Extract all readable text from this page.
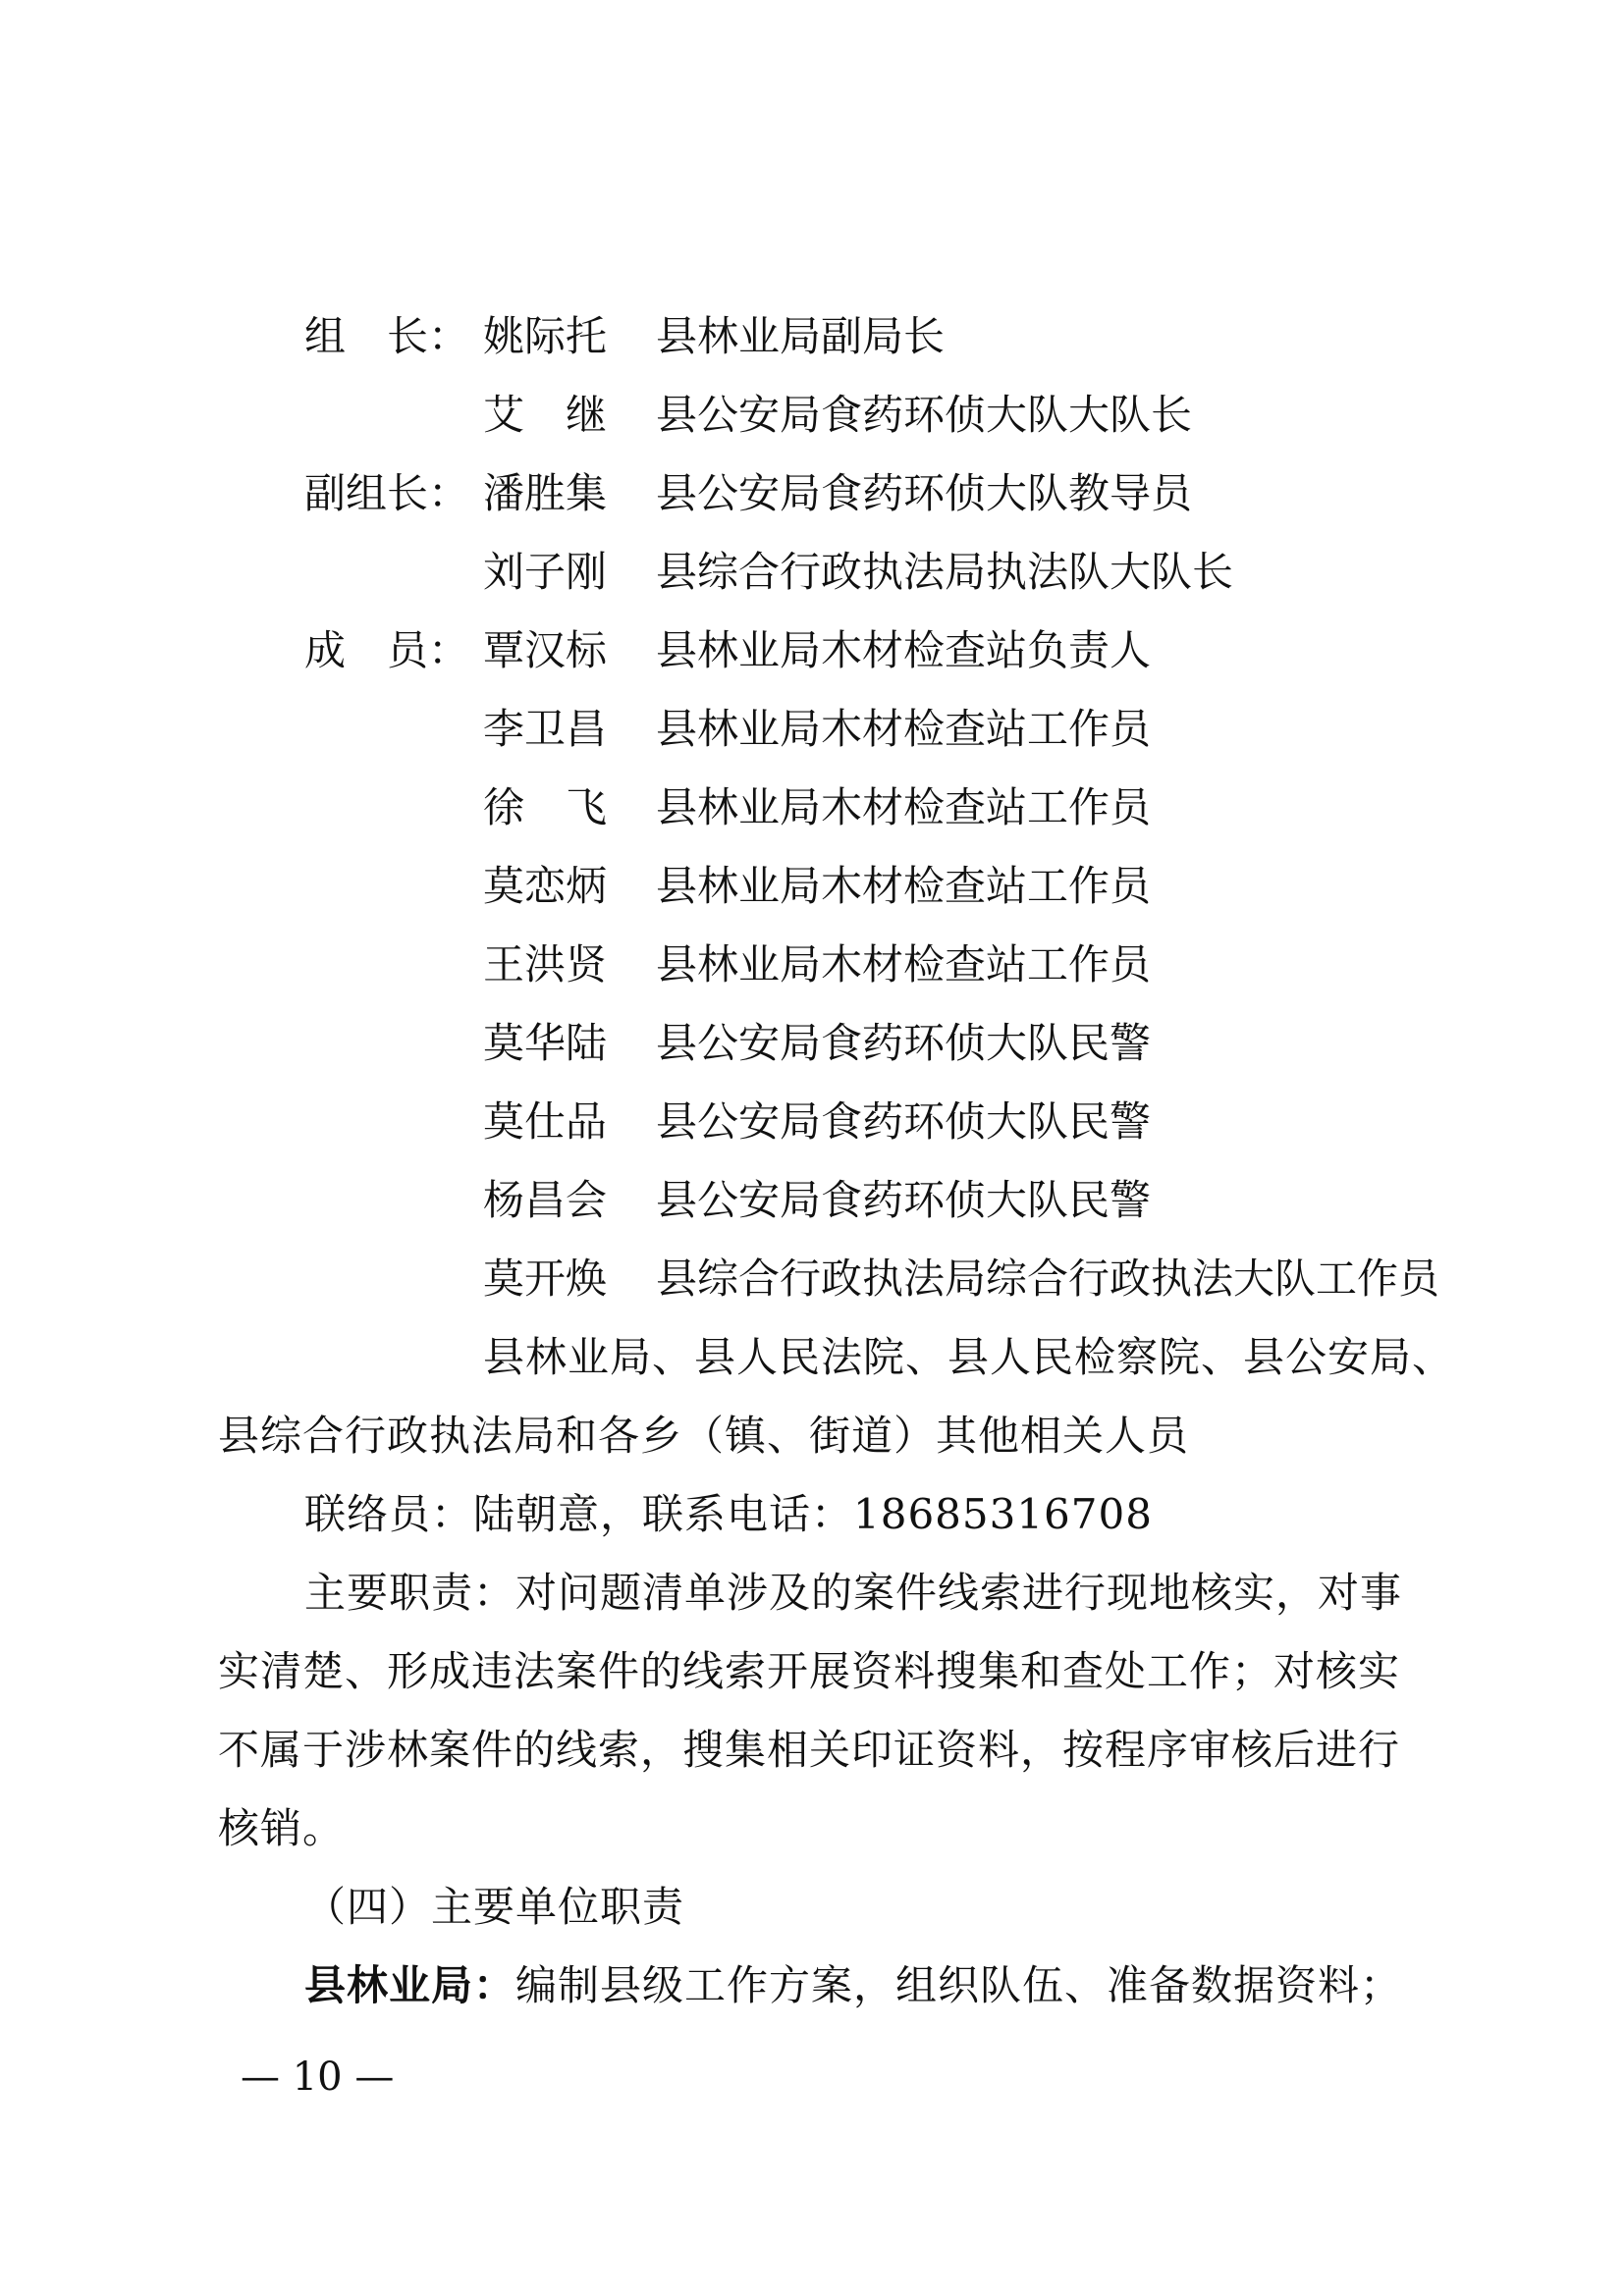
组　长： 姚际托 县林业局副局长
艾　继 县公安局食药环侦大队大队长
副组长： 潘胜集 县公安局食药环侦大队教导员
刘子刚 县综合行政执法局执法队大队长
成　员： 覃汉标 县林业局木材检查站负责人
李卫昌 县林业局木材检查站工作员
徐　飞 县林业局木材检查站工作员
莫恋炳 县林业局木材检查站工作员
王洪贤 县林业局木材检查站工作员
莫华陆 县公安局食药环侦大队民警
莫仕品 县公安局食药环侦大队民警
杨昌会 县公安局食药环侦大队民警
莫开焕 县综合行政执法局综合行政执法大队工作员
县林业局、县人民法院、县人民检察院、县公安局、
县综合行政执法局和各乡（镇、街道）其他相关人员
联络员：陆朝意，联系电话：18685316708
主要职责：对问题清单涉及的案件线索进行现地核实，对事
实清楚、形成违法案件的线索开展资料搜集和查处工作；对核实
不属于涉林案件的线索，搜集相关印证资料，按程序审核后进行
核销。
（四）主要单位职责
县林业局：编制县级工作方案，组织队伍、准备数据资料；
— 10 —
